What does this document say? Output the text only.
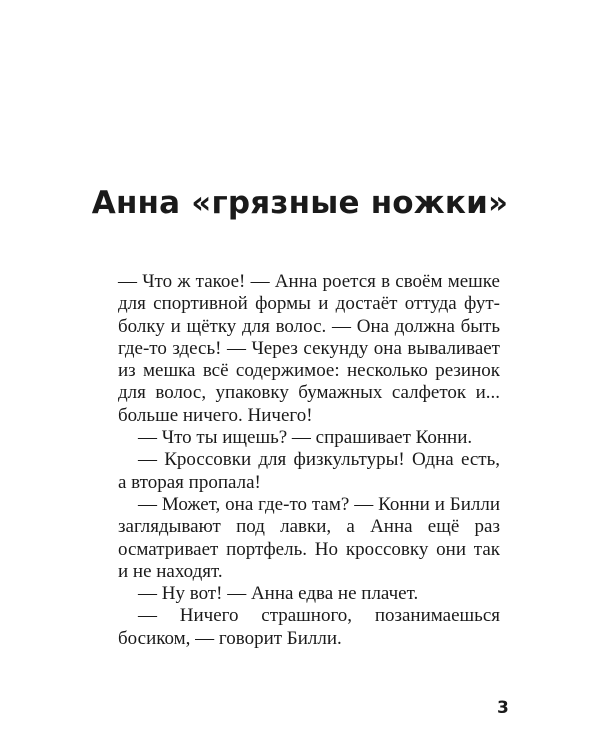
Анна «грязные ножки»

— Что ж такое! — Анна роется в своём мешке
для спортивной формы и достаёт оттуда фут-
болку и щётку для волос. — Она должна быть
где-то здесь! — Через секунду она вываливает
из мешка всё содержимое: несколько резинок
для волос, упаковку бумажных салфеток и...
больше ничего. Ничего!

— Что ты ищешь? — спрашивает Конни.

— Кроссовки для физкультуры! Одна есть,
а вторая пропала!

— Может, она где-то там? — Конни и Билли
заглядывают под лавки, а Анна ещё раз
осматривает портфель. Но кроссовку они так
и не находят.

— Ну вот! — Анна едва не плачет.

— Ничего страшного, позанимаешься
босиком, — говорит Билли.

3
